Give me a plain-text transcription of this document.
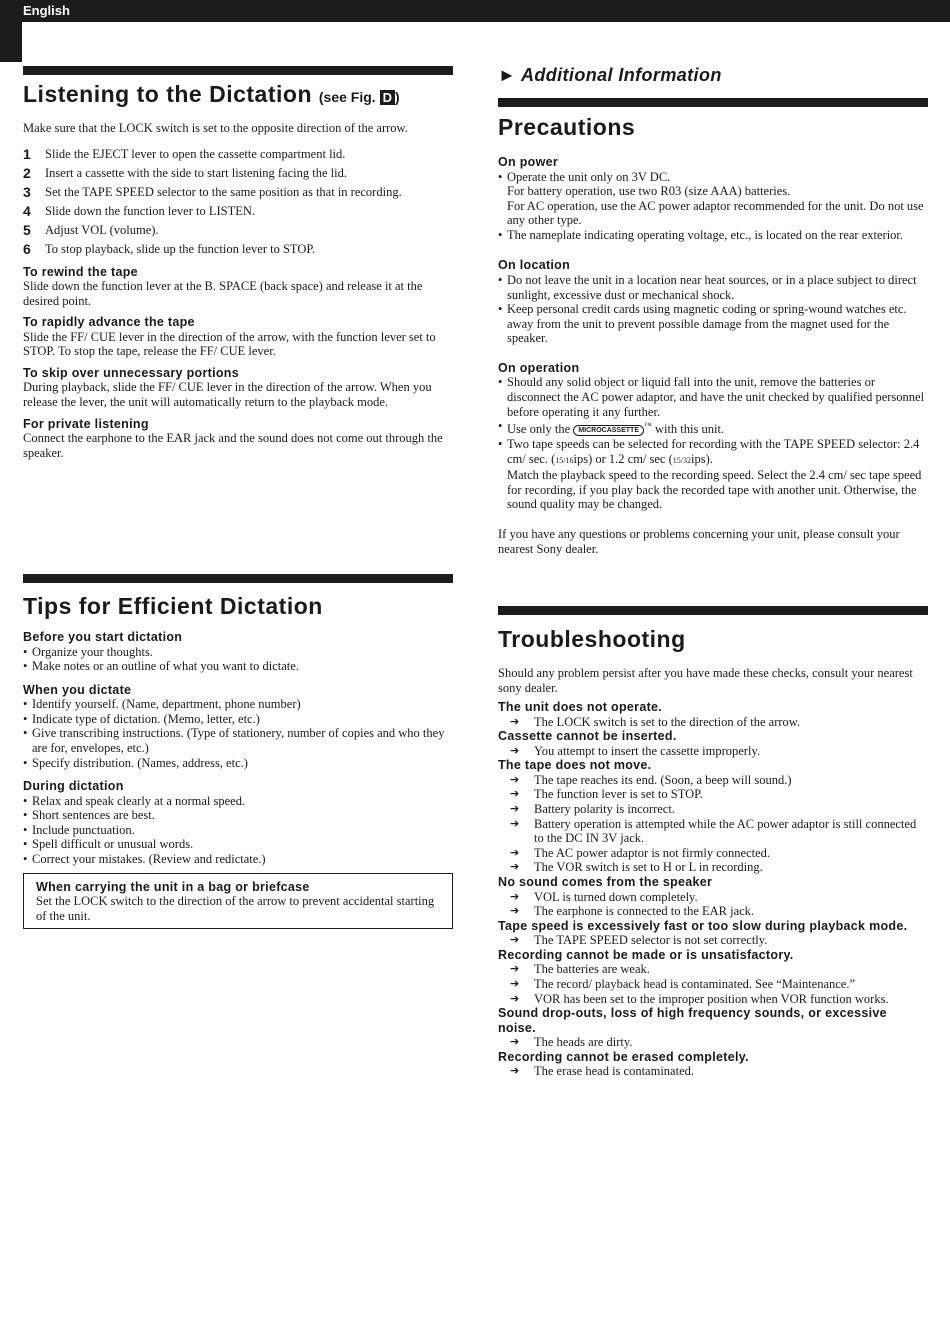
English
Listening to the Dictation (see Fig. D )

Make sure that the LOCK switch is set to the opposite direction of the arrow.

1 Slide the EJECT lever to open the cassette compartment lid.
2 Insert a cassette with the side to start listening facing the lid.
3 Set the TAPE SPEED selector to the same position as that in recording.
4 Slide down the function lever to LISTEN.
5 Adjust VOL (volume).
6 To stop playback, slide up the function lever to STOP.
To rewind the tape

Slide down the function lever at the B. SPACE (back space) and release it at the desired point.

To rapidly advance the tape

Slide the FF/ CUE lever in the direction of the arrow, with the function lever set to STOP. To stop the tape, release the FF/ CUE lever.

To skip over unnecessary portions

During playback, slide the FF/ CUE lever in the direction of the arrow. When you release the lever, the unit will automatically return to the playback mode.

For private listening

Connect the earphone to the EAR jack and the sound does not come out through the speaker.

Tips for Efficient Dictation
Before you start dictation
• Organize your thoughts.
• Make notes or an outline of what you want to dictate.
When you dictate
• Identify yourself. (Name, department, phone number)
• Indicate type of dictation. (Memo, letter, etc.)
• Give transcribing instructions. (Type of stationery, number of copies and who they are for, envelopes, etc.)
• Specify distribution. (Names, address, etc.)
During dictation
• Relax and speak clearly at a normal speed.
• Short sentences are best.
• Include punctuation.
• Spell difficult or unusual words.
• Correct your mistakes. (Review and redictate.)
When carrying the unit in a bag or briefcase

Set the LOCK switch to the direction of the arrow to prevent accidental starting of the unit.

► Additional Information
Precautions
On power
• Operate the unit only on 3V DC.
For battery operation, use two R03 (size AAA) batteries.
For AC operation, use the AC power adaptor recommended for the unit. Do not use any other type.
• The nameplate indicating operating voltage, etc., is located on the rear exterior.
On location
• Do not leave the unit in a location near heat sources, or in a place subject to direct sunlight, excessive dust or mechanical shock.
• Keep personal credit cards using magnetic coding or spring-wound watches etc. away from the unit to prevent possible damage from the magnet used for the speaker.
On operation
• Should any solid object or liquid fall into the unit, remove the batteries or disconnect the AC power adaptor, and have the unit checked by qualified personnel before operating it any further.
• Use only the MICROCASSETTE™ with this unit.
• Two tape speeds can be selected for recording with the TAPE SPEED selector: 2.4 cm/ sec. (15/16ips) or 1.2 cm/ sec (15/32ips).
Match the playback speed to the recording speed. Select the 2.4 cm/ sec tape speed for recording, if you play back the recorded tape with another unit. Otherwise, the sound quality may be changed.

If you have any questions or problems concerning your unit, please consult your nearest Sony dealer.

Troubleshooting

Should any problem persist after you have made these checks, consult your nearest sony dealer.

The unit does not operate.
➔ The LOCK switch is set to the direction of the arrow.
Cassette cannot be inserted.
➔ You attempt to insert the cassette improperly.
The tape does not move.
➔ The tape reaches its end. (Soon, a beep will sound.)
➔ The function lever is set to STOP.
➔ Battery polarity is incorrect.
➔ Battery operation is attempted while the AC power adaptor is still connected to the DC IN 3V jack.
➔ The AC power adaptor is not firmly connected.
➔ The VOR switch is set to H or L in recording.
No sound comes from the speaker
➔ VOL is turned down completely.
➔ The earphone is connected to the EAR jack.
Tape speed is excessively fast or too slow during playback mode.
➔ The TAPE SPEED selector is not set correctly.
Recording cannot be made or is unsatisfactory.
➔ The batteries are weak.
➔ The record/ playback head is contaminated. See “Maintenance.”
➔ VOR has been set to the improper position when VOR function works.
Sound drop-outs, loss of high frequency sounds, or excessive noise.
➔ The heads are dirty.
Recording cannot be erased completely.
➔ The erase head is contaminated.
